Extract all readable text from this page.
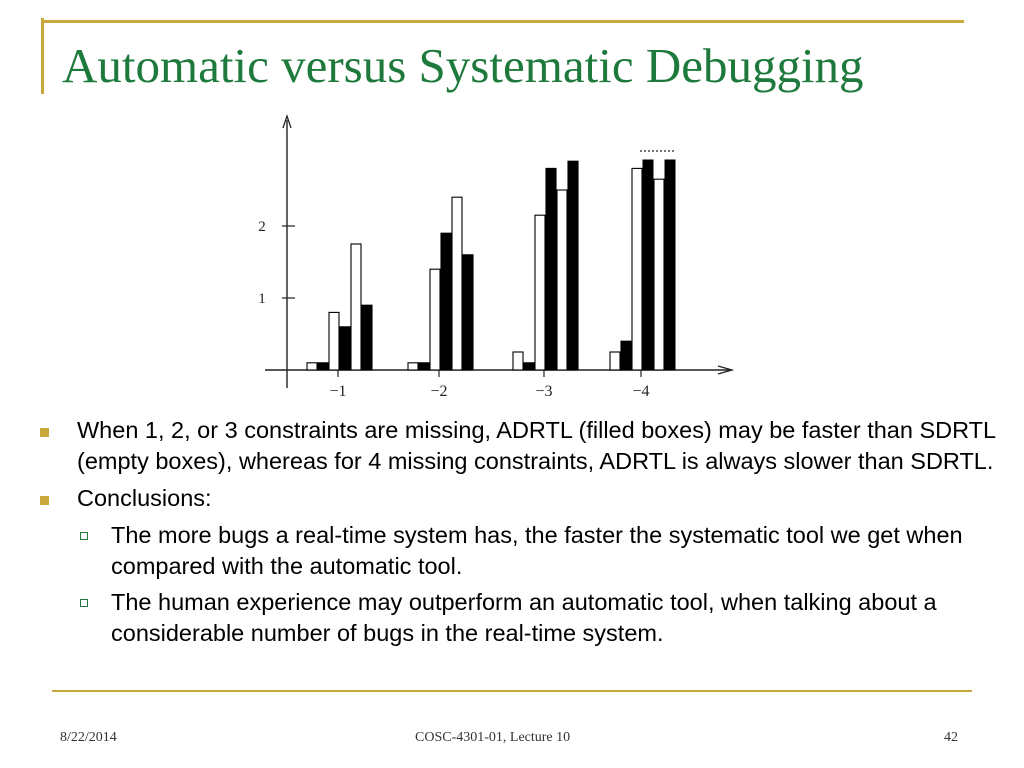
Automatic versus Systematic Debugging
1
2
−1	−2	−3	−4
When 1, 2, or 3 constraints are missing, ADRTL (filled boxes) may be faster than SDRTL (empty boxes), whereas for 4 missing constraints, ADRTL is always slower than SDRTL.
Conclusions:
The more bugs a real-time system has, the faster the systematic tool we get when compared with the automatic tool.
The human experience may outperform an automatic tool, when talking about a considerable number of bugs in the real-time system.
8/22/2014	COSC-4301-01, Lecture 10	42
